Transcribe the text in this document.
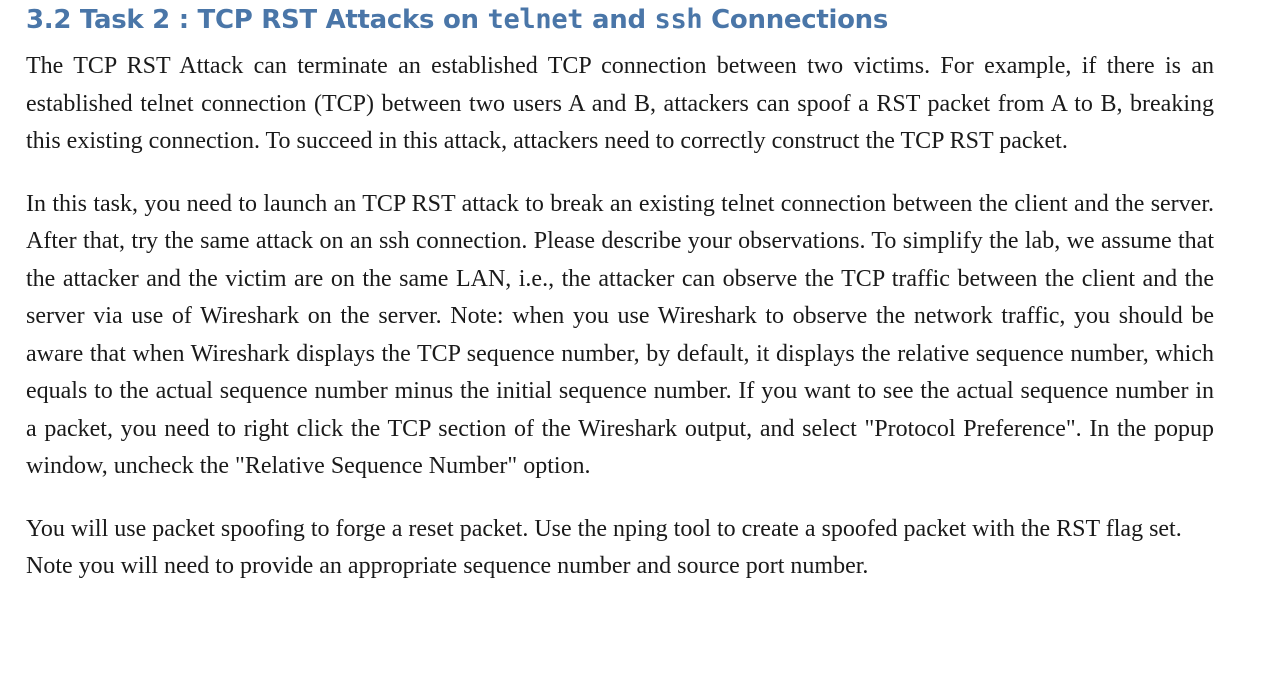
3.2 Task 2 : TCP RST Attacks on telnet and ssh Connections

The TCP RST Attack can terminate an established TCP connection between two victims. For example, if there is an established telnet connection (TCP) between two users A and B, attackers can spoof a RST packet from A to B, breaking this existing connection. To succeed in this attack, attackers need to correctly construct the TCP RST packet.

In this task, you need to launch an TCP RST attack to break an existing telnet connection between the client and the server. After that, try the same attack on an ssh connection. Please describe your observations. To simplify the lab, we assume that the attacker and the victim are on the same LAN, i.e., the attacker can observe the TCP traffic between the client and the server via use of Wireshark on the server. Note: when you use Wireshark to observe the network traffic, you should be aware that when Wireshark displays the TCP sequence number, by default, it displays the relative sequence number, which equals to the actual sequence number minus the initial sequence number. If you want to see the actual sequence number in a packet, you need to right click the TCP section of the Wireshark output, and select "Protocol Preference". In the popup window, uncheck the "Relative Sequence Number" option.

You will use packet spoofing to forge a reset packet. Use the nping tool to create a spoofed packet with the RST flag set. Note you will need to provide an appropriate sequence number and source port number.
